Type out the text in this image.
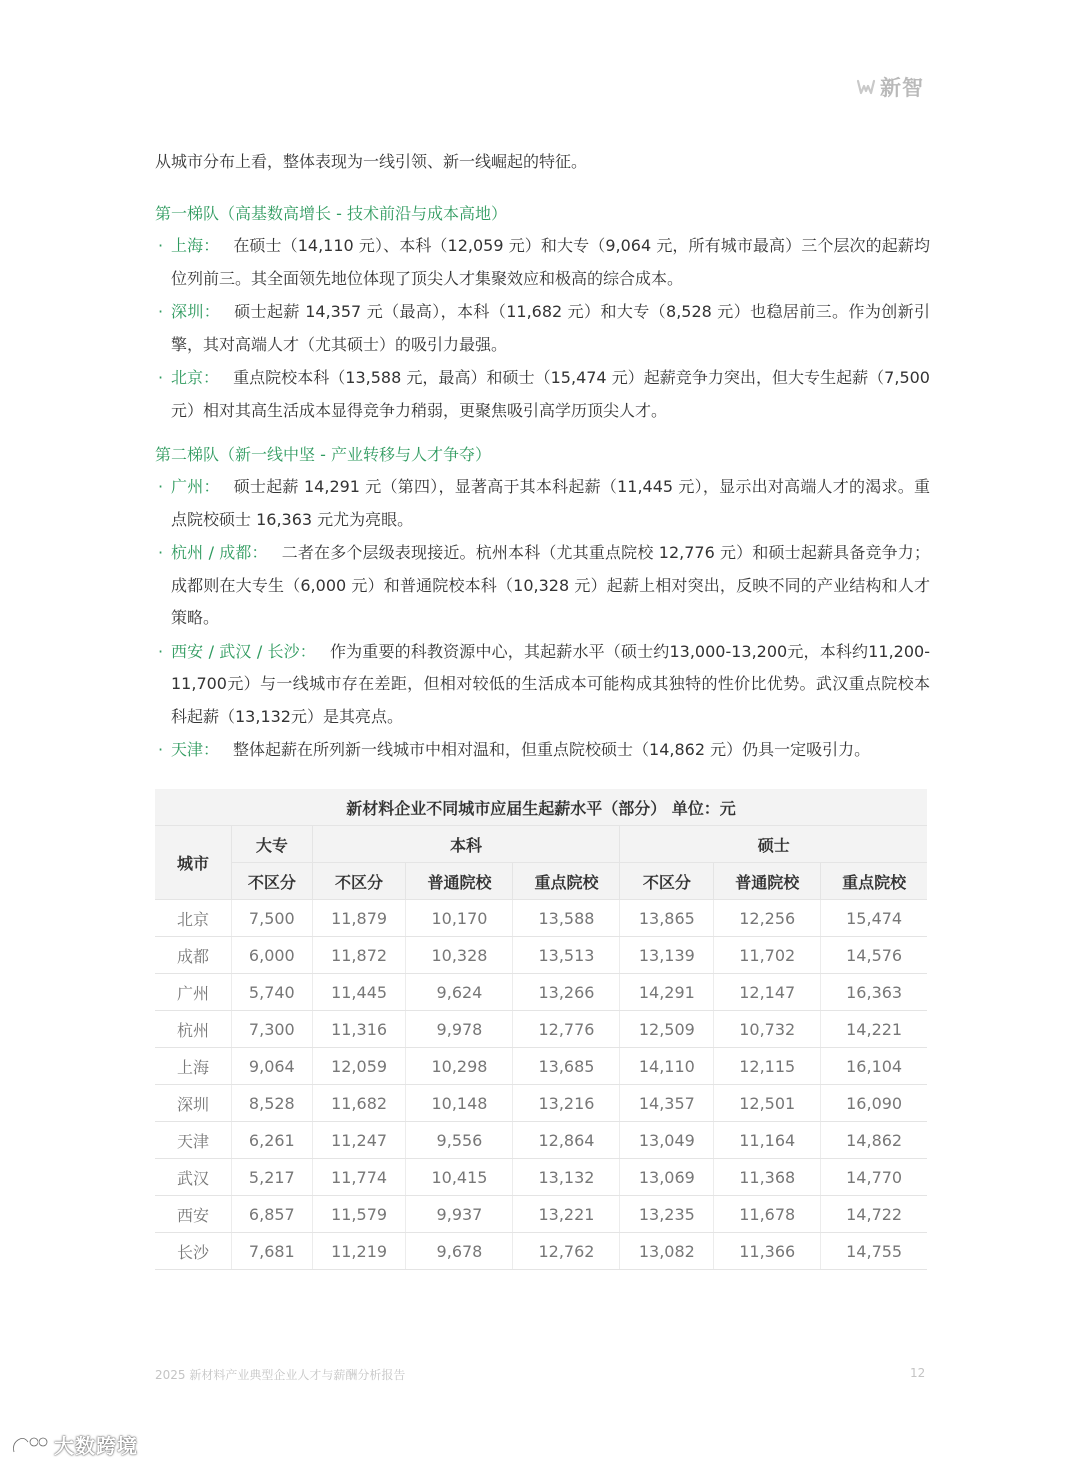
新智

从城市分布上看，整体表现为一线引领、新一线崛起的特征。

第一梯队（高基数高增长 - 技术前沿与成本高地）

· 上海： 在硕士（14,110 元）、本科（12,059 元）和大专（9,064 元，所有城市最高）三个层次的起薪均位列前三。其全面领先地位体现了顶尖人才集聚效应和极高的综合成本。
· 深圳： 硕士起薪 14,357 元（最高），本科（11,682 元）和大专（8,528 元）也稳居前三。作为创新引擎，其对高端人才（尤其硕士）的吸引力最强。
· 北京： 重点院校本科（13,588 元，最高）和硕士（15,474 元）起薪竞争力突出，但大专生起薪（7,500 元）相对其高生活成本显得竞争力稍弱，更聚焦吸引高学历顶尖人才。

第二梯队（新一线中坚 - 产业转移与人才争夺）

· 广州： 硕士起薪 14,291 元（第四），显著高于其本科起薪（11,445 元），显示出对高端人才的渴求。重点院校硕士 16,363 元尤为亮眼。
· 杭州 / 成都： 二者在多个层级表现接近。杭州本科（尤其重点院校 12,776 元）和硕士起薪具备竞争力；成都则在大专生（6,000 元）和普通院校本科（10,328 元）起薪上相对突出，反映不同的产业结构和人才策略。
· 西安 / 武汉 / 长沙： 作为重要的科教资源中心，其起薪水平（硕士约13,000-13,200元，本科约11,200-11,700元）与一线城市存在差距，但相对较低的生活成本可能构成其独特的性价比优势。武汉重点院校本科起薪（13,132元）是其亮点。
· 天津： 整体起薪在所列新一线城市中相对温和，但重点院校硕士（14,862 元）仍具一定吸引力。
新材料企业不同城市应届生起薪水平（部分） 单位：元							
城市	大专	本科			硕士		
	不区分	不区分	普通院校	重点院校	不区分	普通院校	重点院校
北京	7,500	11,879	10,170	13,588	13,865	12,256	15,474
成都	6,000	11,872	10,328	13,513	13,139	11,702	14,576
广州	5,740	11,445	9,624	13,266	14,291	12,147	16,363
杭州	7,300	11,316	9,978	12,776	12,509	10,732	14,221
上海	9,064	12,059	10,298	13,685	14,110	12,115	16,104
深圳	8,528	11,682	10,148	13,216	14,357	12,501	16,090
天津	6,261	11,247	9,556	12,864	13,049	11,164	14,862
武汉	5,217	11,774	10,415	13,132	13,069	11,368	14,770
西安	6,857	11,579	9,937	13,221	13,235	11,678	14,722
长沙	7,681	11,219	9,678	12,762	13,082	11,366	14,755
2025 新材料产业典型企业人才与薪酬分析报告	12
大数跨境
